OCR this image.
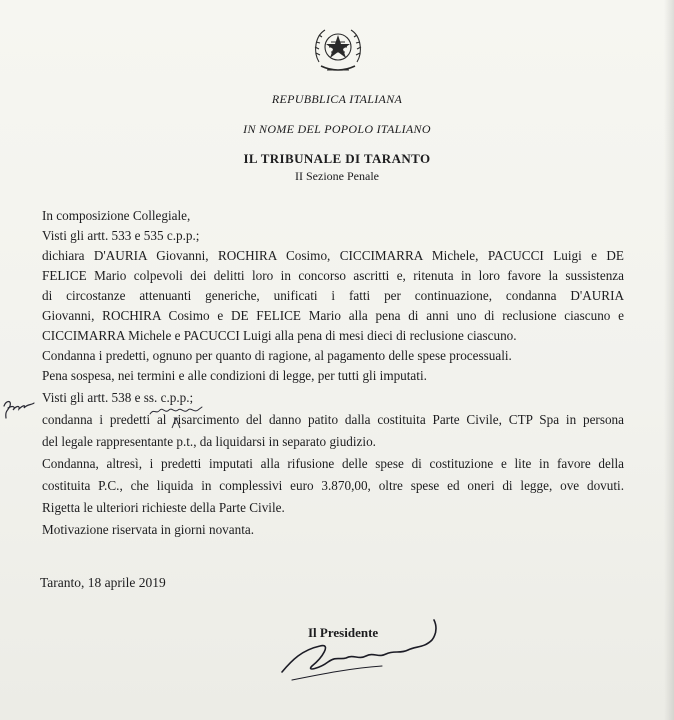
REPUBBLICA ITALIANA
IN NOME DEL POPOLO ITALIANO
IL TRIBUNALE DI TARANTO
II Sezione Penale
In composizione Collegiale,
Visti gli artt. 533 e 535 c.p.p.;
dichiara D'AURIA Giovanni, ROCHIRA Cosimo, CICCIMARRA Michele, PACUCCI Luigi e DE
FELICE Mario colpevoli dei delitti loro in concorso ascritti e, ritenuta in loro favore la sussistenza
di circostanze attenuanti generiche, unificati i fatti per continuazione, condanna D'AURIA
Giovanni, ROCHIRA Cosimo e DE FELICE Mario alla pena di anni uno di reclusione ciascuno e
CICCIMARRA Michele e PACUCCI Luigi alla pena di mesi dieci di reclusione ciascuno.
Condanna i predetti, ognuno per quanto di ragione, al pagamento delle spese processuali.
Pena sospesa, nei termini e alle condizioni di legge, per tutti gli imputati.
Visti gli artt. 538 e ss. c.p.p.;
condanna i predetti al risarcimento del danno patito dalla costituita Parte Civile, CTP Spa in persona
del legale rappresentante p.t., da liquidarsi in separato giudizio.
Condanna, altresì, i predetti imputati alla rifusione delle spese di costituzione e lite in favore della
costituita P.C., che liquida in complessivi euro 3.870,00, oltre spese ed oneri di legge, ove dovuti.
Rigetta le ulteriori richieste della Parte Civile.
Motivazione riservata in giorni novanta.
Taranto, 18 aprile 2019
Il Presidente
